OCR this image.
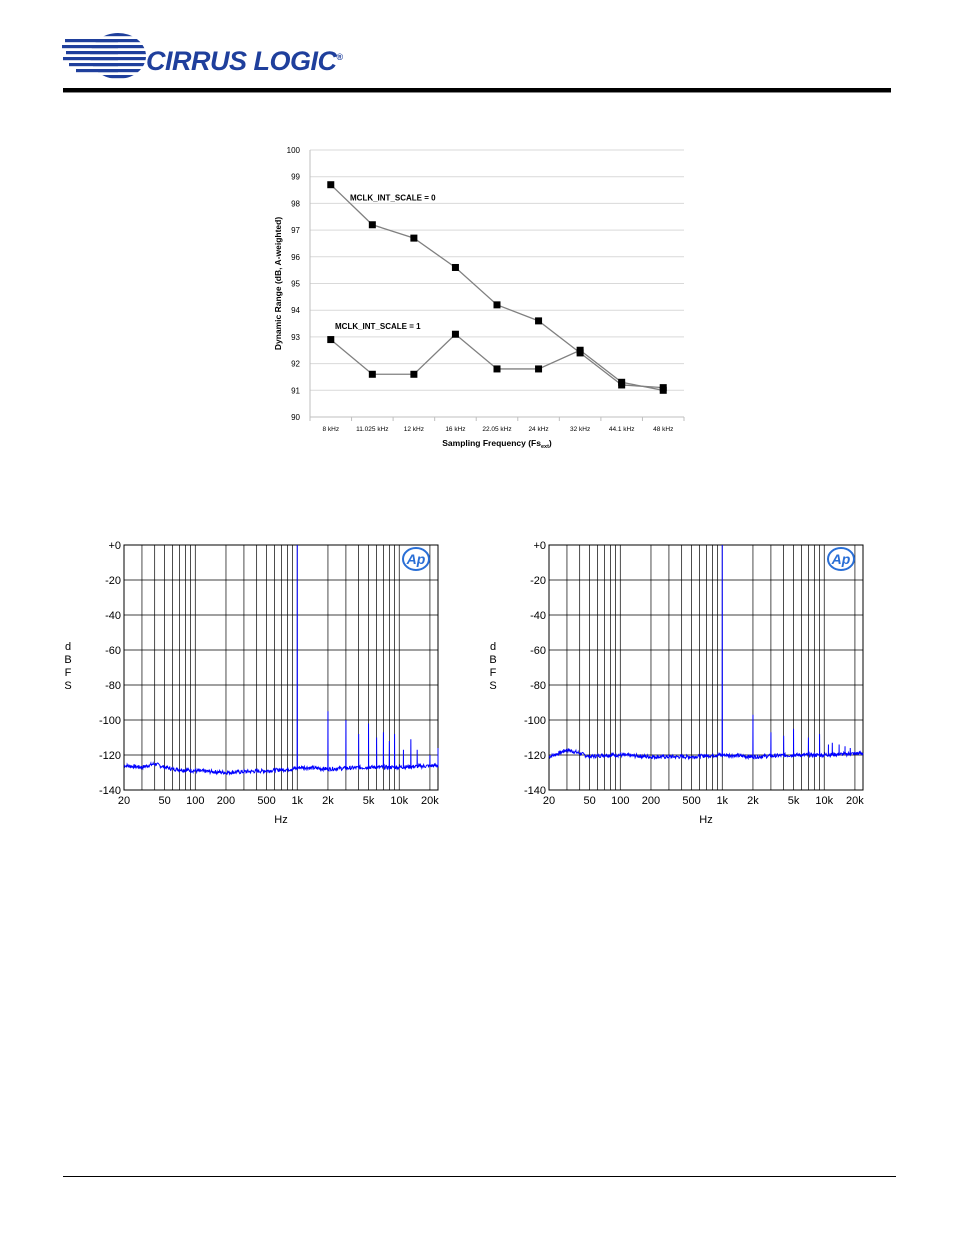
CIRRUS LOGIC®
90
91
92
93
94
95
96
97
98
99
100
8 kHz	11.025 kHz 12 kHz	16 kHz	22.05 kHz	24 kHz	32 kHz	44.1 kHz	48 kHz
MCLK_INT_SCALE = 0
MCLK_INT_SCALE = 1
Sampling Frequency $(Fs_{ext})$
Dynamic Range (dB, A-weighted)
+0
-20
-40
-60
-80
-100
-120
-140
20	50 100 200 500 1k 2k	5k 10k 20k
Hz
d B F S
Ap
+0
-20
-40
-60
-80
-100
-120
-140
20	50 100 200 500 1k 2k	5k 10k 20k
Hz
d B F S
Ap
